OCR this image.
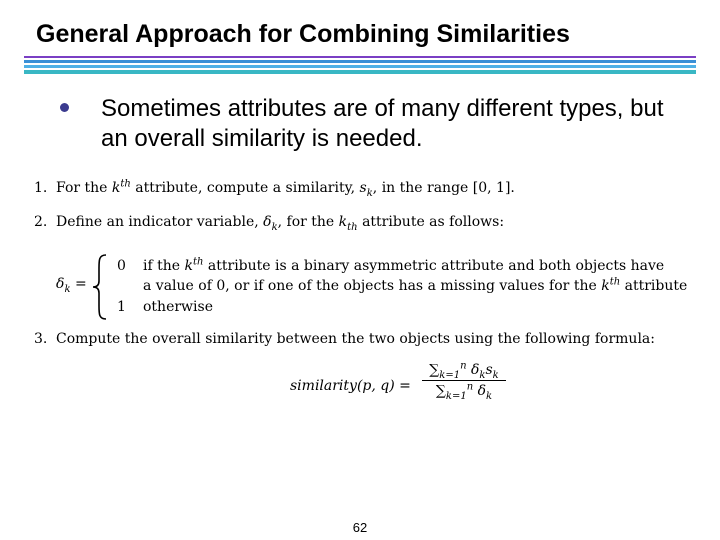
General Approach for Combining Similarities
Sometimes attributes are of many different types, but an overall similarity is needed.
1. For the $k^{th}$ attribute, compute a similarity, $s_k$, in the range [0, 1].
2. Define an indicator variable, $\delta_k$, for the $k_{th}$ attribute as follows:
3. Compute the overall similarity between the two objects using the following formula:
$\delta_k$ =
0 if the $k^{th}$ attribute is a binary asymmetric attribute and both objects have
a value of 0, or if one of the objects has a missing values for the $k^{th}$ attribute
1 otherwise
similarity(p, q) =
$\sum_{k=1}^n$ $\delta_ks_k$
$\sum_{k=1}^n$ $\delta_k$
62
